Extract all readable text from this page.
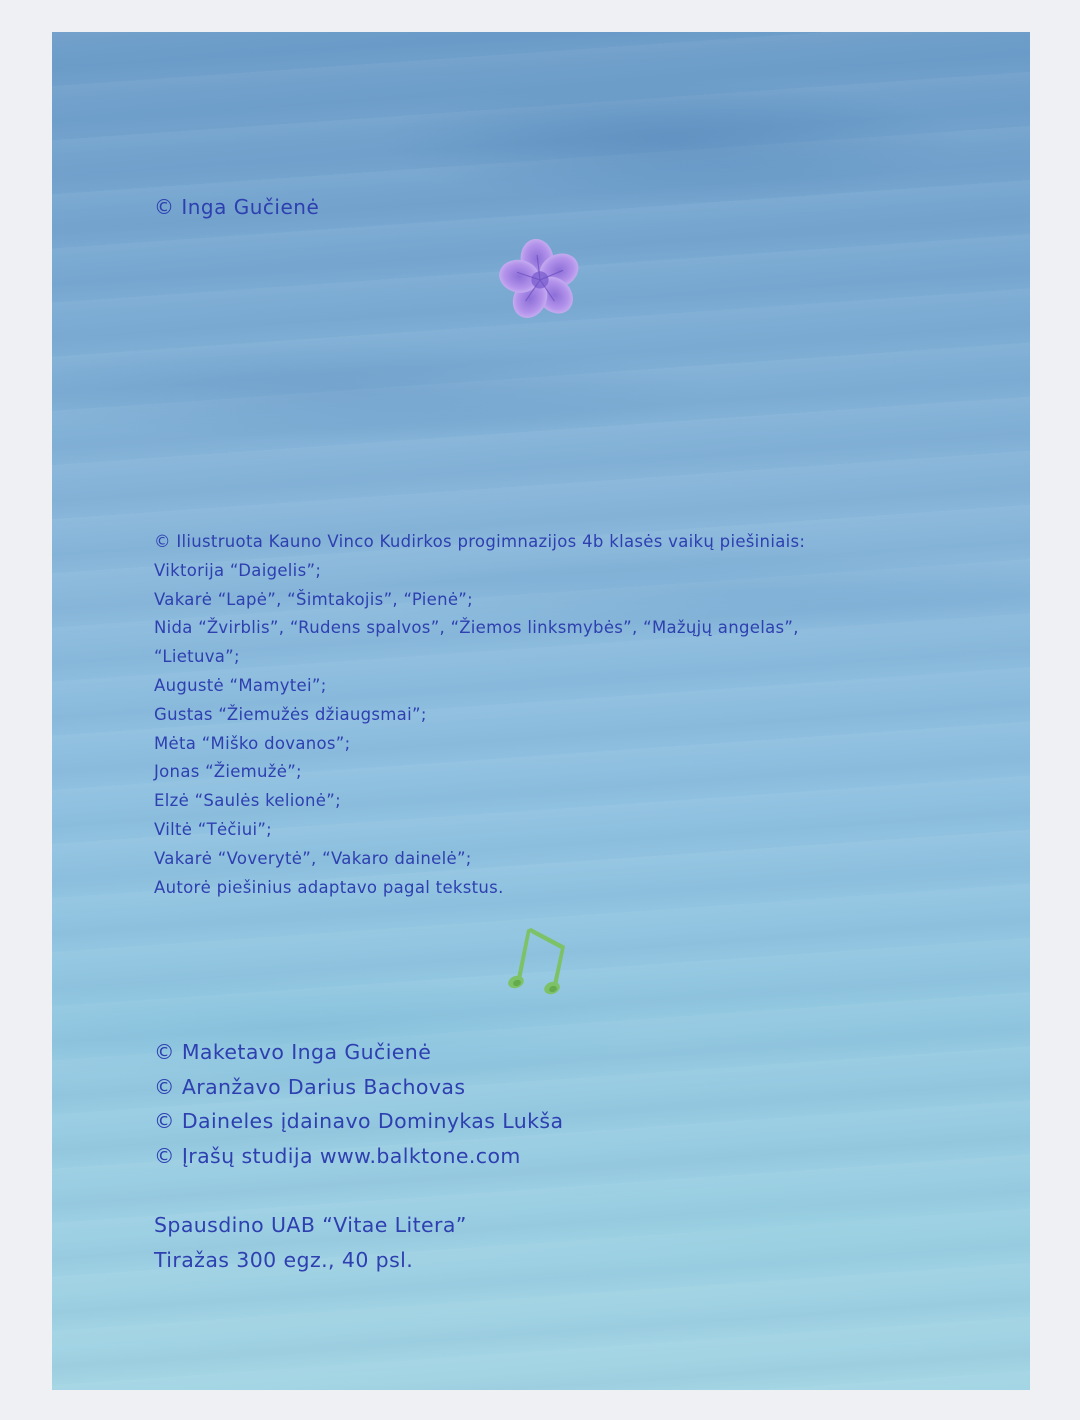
© Inga Gučienė

© Iliustruota Kauno Vinco Kudirkos progimnazijos 4b klasės vaikų piešiniais:
Viktorija “Daigelis”;
Vakarė “Lapė”, “Šimtakojis”, “Pienė”;
Nida “Žvirblis”, “Rudens spalvos”, “Žiemos linksmybės”, “Mažųjų angelas”,
“Lietuva”;
Augustė “Mamytei”;
Gustas “Žiemužės džiaugsmai”;
Mėta “Miško dovanos”;
Jonas “Žiemužė”;
Elzė “Saulės kelionė”;
Viltė “Tėčiui”;
Vakarė “Voverytė”, “Vakaro dainelė”;
Autorė piešinius adaptavo pagal tekstus.
© Maketavo Inga Gučienė
© Aranžavo Darius Bachovas
© Daineles įdainavo Dominykas Lukša
© Įrašų studija www.balktone.com
Spausdino UAB “Vitae Litera”
Tiražas 300 egz., 40 psl.
